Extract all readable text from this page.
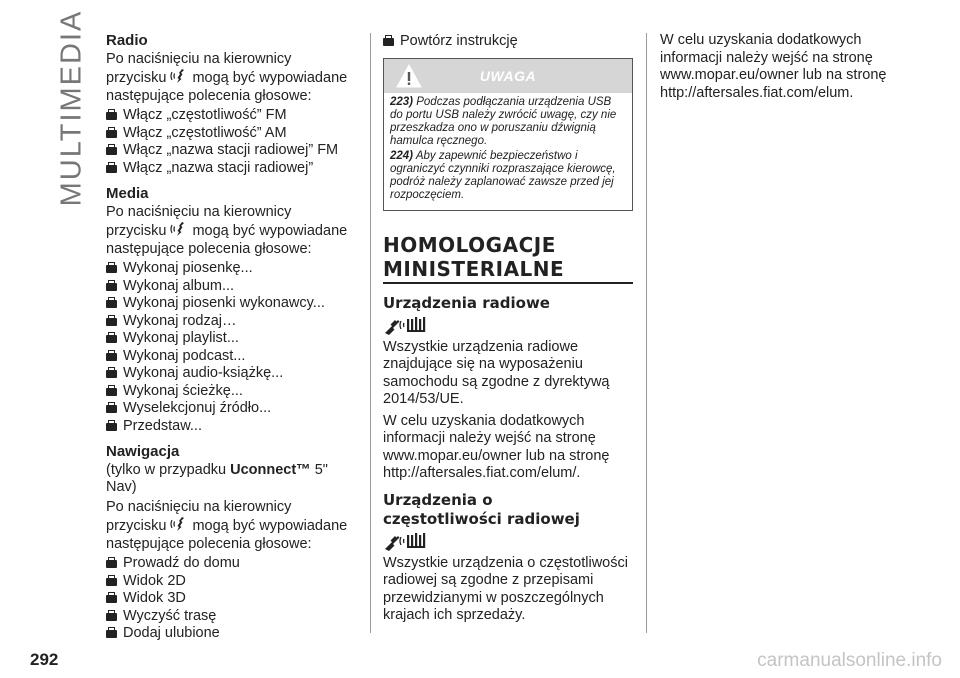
MULTIMEDIA Radio

Po naciśnięciu na kierownicy
przycisku mogą być wypowiadane
następujące polecenia głosowe:

Włącz „częstotliwość” FM
Włącz „częstotliwość” AM
Włącz „nazwa stacji radiowej” FM
Włącz „nazwa stacji radiowej”
Media

Po naciśnięciu na kierownicy
przycisku mogą być wypowiadane
następujące polecenia głosowe:

Wykonaj piosenkę...
Wykonaj album...
Wykonaj piosenki wykonawcy...
Wykonaj rodzaj…
Wykonaj playlist...
Wykonaj podcast...
Wykonaj audio-książkę...
Wykonaj ścieżkę...
Wyselekcjonuj źródło...
Przedstaw...
Nawigacja

(tylko w przypadku Uconnect™ 5"
Nav)

Po naciśnięciu na kierownicy
przycisku mogą być wypowiadane
następujące polecenia głosowe:

Prowadź do domu
Widok 2D
Widok 3D
Wyczyść trasę
Dodaj ulubione
Powtórz instrukcję
UWAGA

223) Podczas podłączania urządzenia USB do portu USB należy zwrócić uwagę, czy nie przeszkadza ono w poruszaniu dźwignią hamulca ręcznego.

224) Aby zapewnić bezpieczeństwo i ograniczyć czynniki rozpraszające kierowcę, podróż należy zaplanować zawsze przed jej rozpoczęciem.

HOMOLOGACJE
MINISTERIALNE
Urządzenia radiowe

Wszystkie urządzenia radiowe znajdujące się na wyposażeniu samochodu są zgodne z dyrektywą 2014/53/UE.

W celu uzyskania dodatkowych informacji należy wejść na stronę www.mopar.eu/owner lub na stronę http://aftersales.fiat.com/elum/.

Urządzenia o
częstotliwości radiowej

Wszystkie urządzenia o częstotliwości radiowej są zgodne z przepisami przewidzianymi w poszczególnych krajach ich sprzedaży.

W celu uzyskania dodatkowych informacji należy wejść na stronę www.mopar.eu/owner lub na stronę http://aftersales.fiat.com/elum.

292	carmanualsonline.info
